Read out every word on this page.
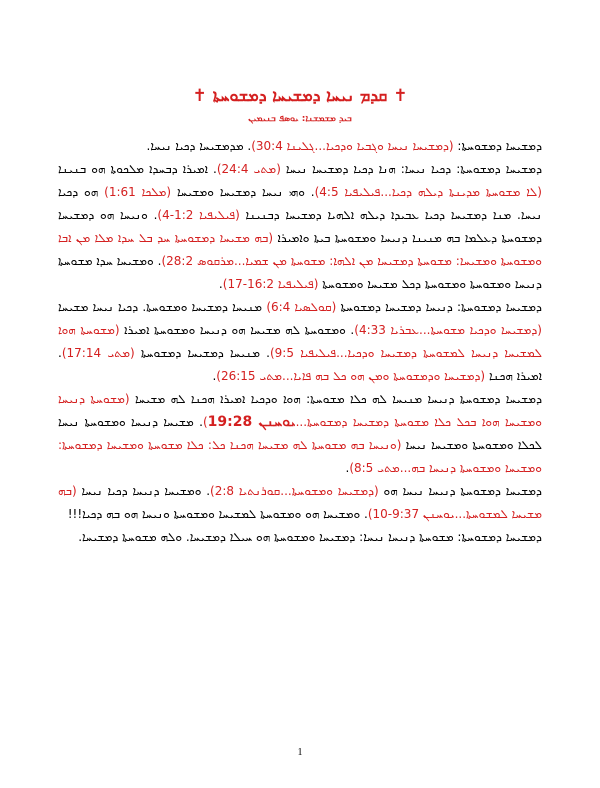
✝ܩܕܡ ܢܝܚܐ ܕܡܫܝܚܐ ܕܡܫܘܚܬܐ✝
ܒܝܕ ܡܫܡܫܢܐ: ܝܘܣܦ ܒܢܝܡܝܢ

ܕܡܫܝܚܐ ܕܡܫܘܚܬܐ: (ܕܡܫܝܚܐ ܢܝܚܐ ܘܓܒܝܐ ܘܕܟܝܐ...ܓܠܝܢܐ 30:4). ܡܕܡܫܝܚܐ ܕܟܝܐ ܢܝܚܐ.

ܕܡܫܝܚܐ ܕܡܫܘܚܬܐ: ܕܟܝܐ ܢܝܚܐ: ܗܢܐ ܕܟܝܐ ܕܡܫܝܚܐ ܢܝܚܐ (ܡܬܝ 24:4). ܐܡܝܪܐ ܕܒܚܕܐ ܡܠܟܘܬܐ ܗܘ ܒܢܝܢܐ (ܠܐ ܡܫܘܚܬܐ ܡܕܝܢܬܐ ܕܝܠܗ ܕܟܝܐ...ܦܝܠܝܦܝܐ 4:5). ܘܗܝ ܢܝܚܐ ܕܡܫܝܚܐ ܘܡܫܝܚܐ (ܡܠܟܐ 1:61) ܗܘ ܕܟܝܐ ܢܝܚܐ. ܡܢܐ ܕܡܫܝܚܐ ܕܟܝܐ ܥܒܝܕܐ ܕܝܠܗ ܐܠܗܝܐ ܕܡܫܝܚܐ ܕܒܢܝܢܐ (ܦܝܠܝܦܝܐ 1:2-4). ܘܢܝܚܐ ܗܘ ܕܡܫܝܚܐ ܕܡܫܘܚܬܐ ܕܥܠܡܐ ܒܗ ܡܢܝܢܐ ܕܢܝܚܐ ܘܡܫܘܚܬܐ ܒܝܬܐ ܘܐܡܝܪܐ (ܒܗ ܡܫܝܚܐ ܕܡܫܘܚܬܐ ܚܕ ܒܠ ܚܕܐ ܡܠܐ ܡܢ ܐܒܐ ܘܡܫܘܚܬܐ ܘܡܫܝܚܐ: ܡܫܘܚܬܐ ܕܡܫܝܚܐ ܡܢ ܐܠܗܐ: ܡܫܘܚܬܐ ܡܢ ܫܡܝܐ...ܡܪܩܘܣ 28:2). ܘܡܫܝܚܐ ܚܕܐ ܡܫܘܚܬܐ ܕܢܝܚܐ ܘܡܫܘܚܬܐ ܘܡܫܘܚܬܐ ܕܟܠ ܡܫܝܚܐ ܘܡܫܘܚܬܐ (ܦܝܠܝܦܝܐ 16:2-17).

ܕܡܫܝܚܐ ܕܡܫܘܚܬܐ: ܕܢܝܚܐ ܕܡܫܝܚܐ ܕܡܫܘܚܬܐ (ܩܘܠܣܝܐ 6:4) ܡܢܝܚܐ ܕܡܫܝܚܐ ܘܡܫܘܚܬܐ. ܕܟܝܐ ܢܝܚܐ ܡܫܝܚܐ (ܕܡܫܝܚܐ ܘܕܟܝܐ ܡܫܘܚܬܐ...ܥܒܪܝܐ 4:33). ܘܡܫܘܚܬܐ ܠܗ ܡܫܝܚܐ ܗܘ ܕܢܝܚܐ ܘܡܫܘܚܬܐ ܐܡܝܪܐ (ܡܫܘܚܬܐ ܗܘܐ ܠܡܫܝܚܐ ܕܢܝܚܐ ܠܡܫܘܚܬܐ ܕܡܫܝܚܐ ܘܕܟܝܐ...ܦܝܠܝܦܝܐ 9:5). ܡܢܝܚܐ ܕܡܫܝܚܐ ܕܡܫܘܚܬܐ (ܡܬܝ 17:14). ܐܡܝܪܐ ܗܟܢܐ (ܕܡܫܝܚܐ ܘܕܡܫܘܚܬܐ ܘܡܢ ܗܘ ܟܠ ܒܗ ܦܐܝܐ...ܡܬܝ 26:15).

ܕܡܫܝܚܐ ܕܡܫܘܚܬܐ ܕܢܝܚܐ ܡܢܝܚܐ ܠܗ ܟܠܐ ܡܫܘܚܬܐ: ܗܘܐ ܘܕܟܝܐ ܐܡܝܪܐ ܗܟܢܐ ܠܗ ܡܫܝܚܐ (ܡܫܘܚܬܐ ܕܢܝܚܐ ܘܡܫܝܚܐ ܗܘܐ ܒܟܠ ܟܠܐ ܡܫܘܚܬܐ ܕܡܫܝܚܐ ܕܡܫܘܚܬܐ...ܝܘܚܢܢ 19:28). ܡܫܝܚܐ ܕܢܝܚܐ ܘܡܫܘܚܬܐ ܢܝܚܐ ܠܟܠܐ ܘܡܫܘܚܬܐ ܘܡܫܝܚܐ ܢܝܚܐ (ܘܢܝܚܐ ܒܗ ܡܫܘܚܬܐ ܠܗ ܡܫܝܚܐ ܗܟܢܐ ܟܠ: ܟܠܐ ܡܫܘܚܬܐ ܘܡܫܝܚܐ ܕܡܫܘܚܬܐ: ܘܡܫܝܚܐ ܘܡܫܘܚܬܐ ܕܢܝܚܐ ܒܗ...ܡܬܝ 8:5).

ܕܡܫܝܚܐ ܕܡܫܘܚܬܐ ܕܢܝܚܐ ܢܝܚܐ ܗܘ (ܕܡܫܝܚܐ ܘܡܫܘܚܬܐ...ܩܘܪܢܬܝܐ 2:8). ܘܡܫܝܚܐ ܕܢܝܚܐ ܕܟܝܐ ܢܝܚܐ (ܒܗ ܡܫܝܚܐ ܠܡܫܘܚܬܐ...ܝܘܚܢܢ 9:37-10). ܘܡܫܝܚܐ ܗܘ ܘܡܫܘܚܬܐ ܠܡܫܝܚܐ ܘܡܫܘܚܬܐ ܘܢܝܚܐ ܗܘ ܒܗ ܕܟܝܐ!!!

ܕܡܫܝܚܐ ܕܡܫܘܚܬܐ: ܡܫܘܚܬܐ ܕܢܝܚܐ ܢܝܚܐ: ܕܡܫܝܚܐ ܘܡܫܘܚܬܐ ܗܘ ܚܝܠܐ ܕܡܫܝܚܐ. ܘܠܗ ܡܫܘܚܬܐ ܕܡܫܝܚܐ.

1
